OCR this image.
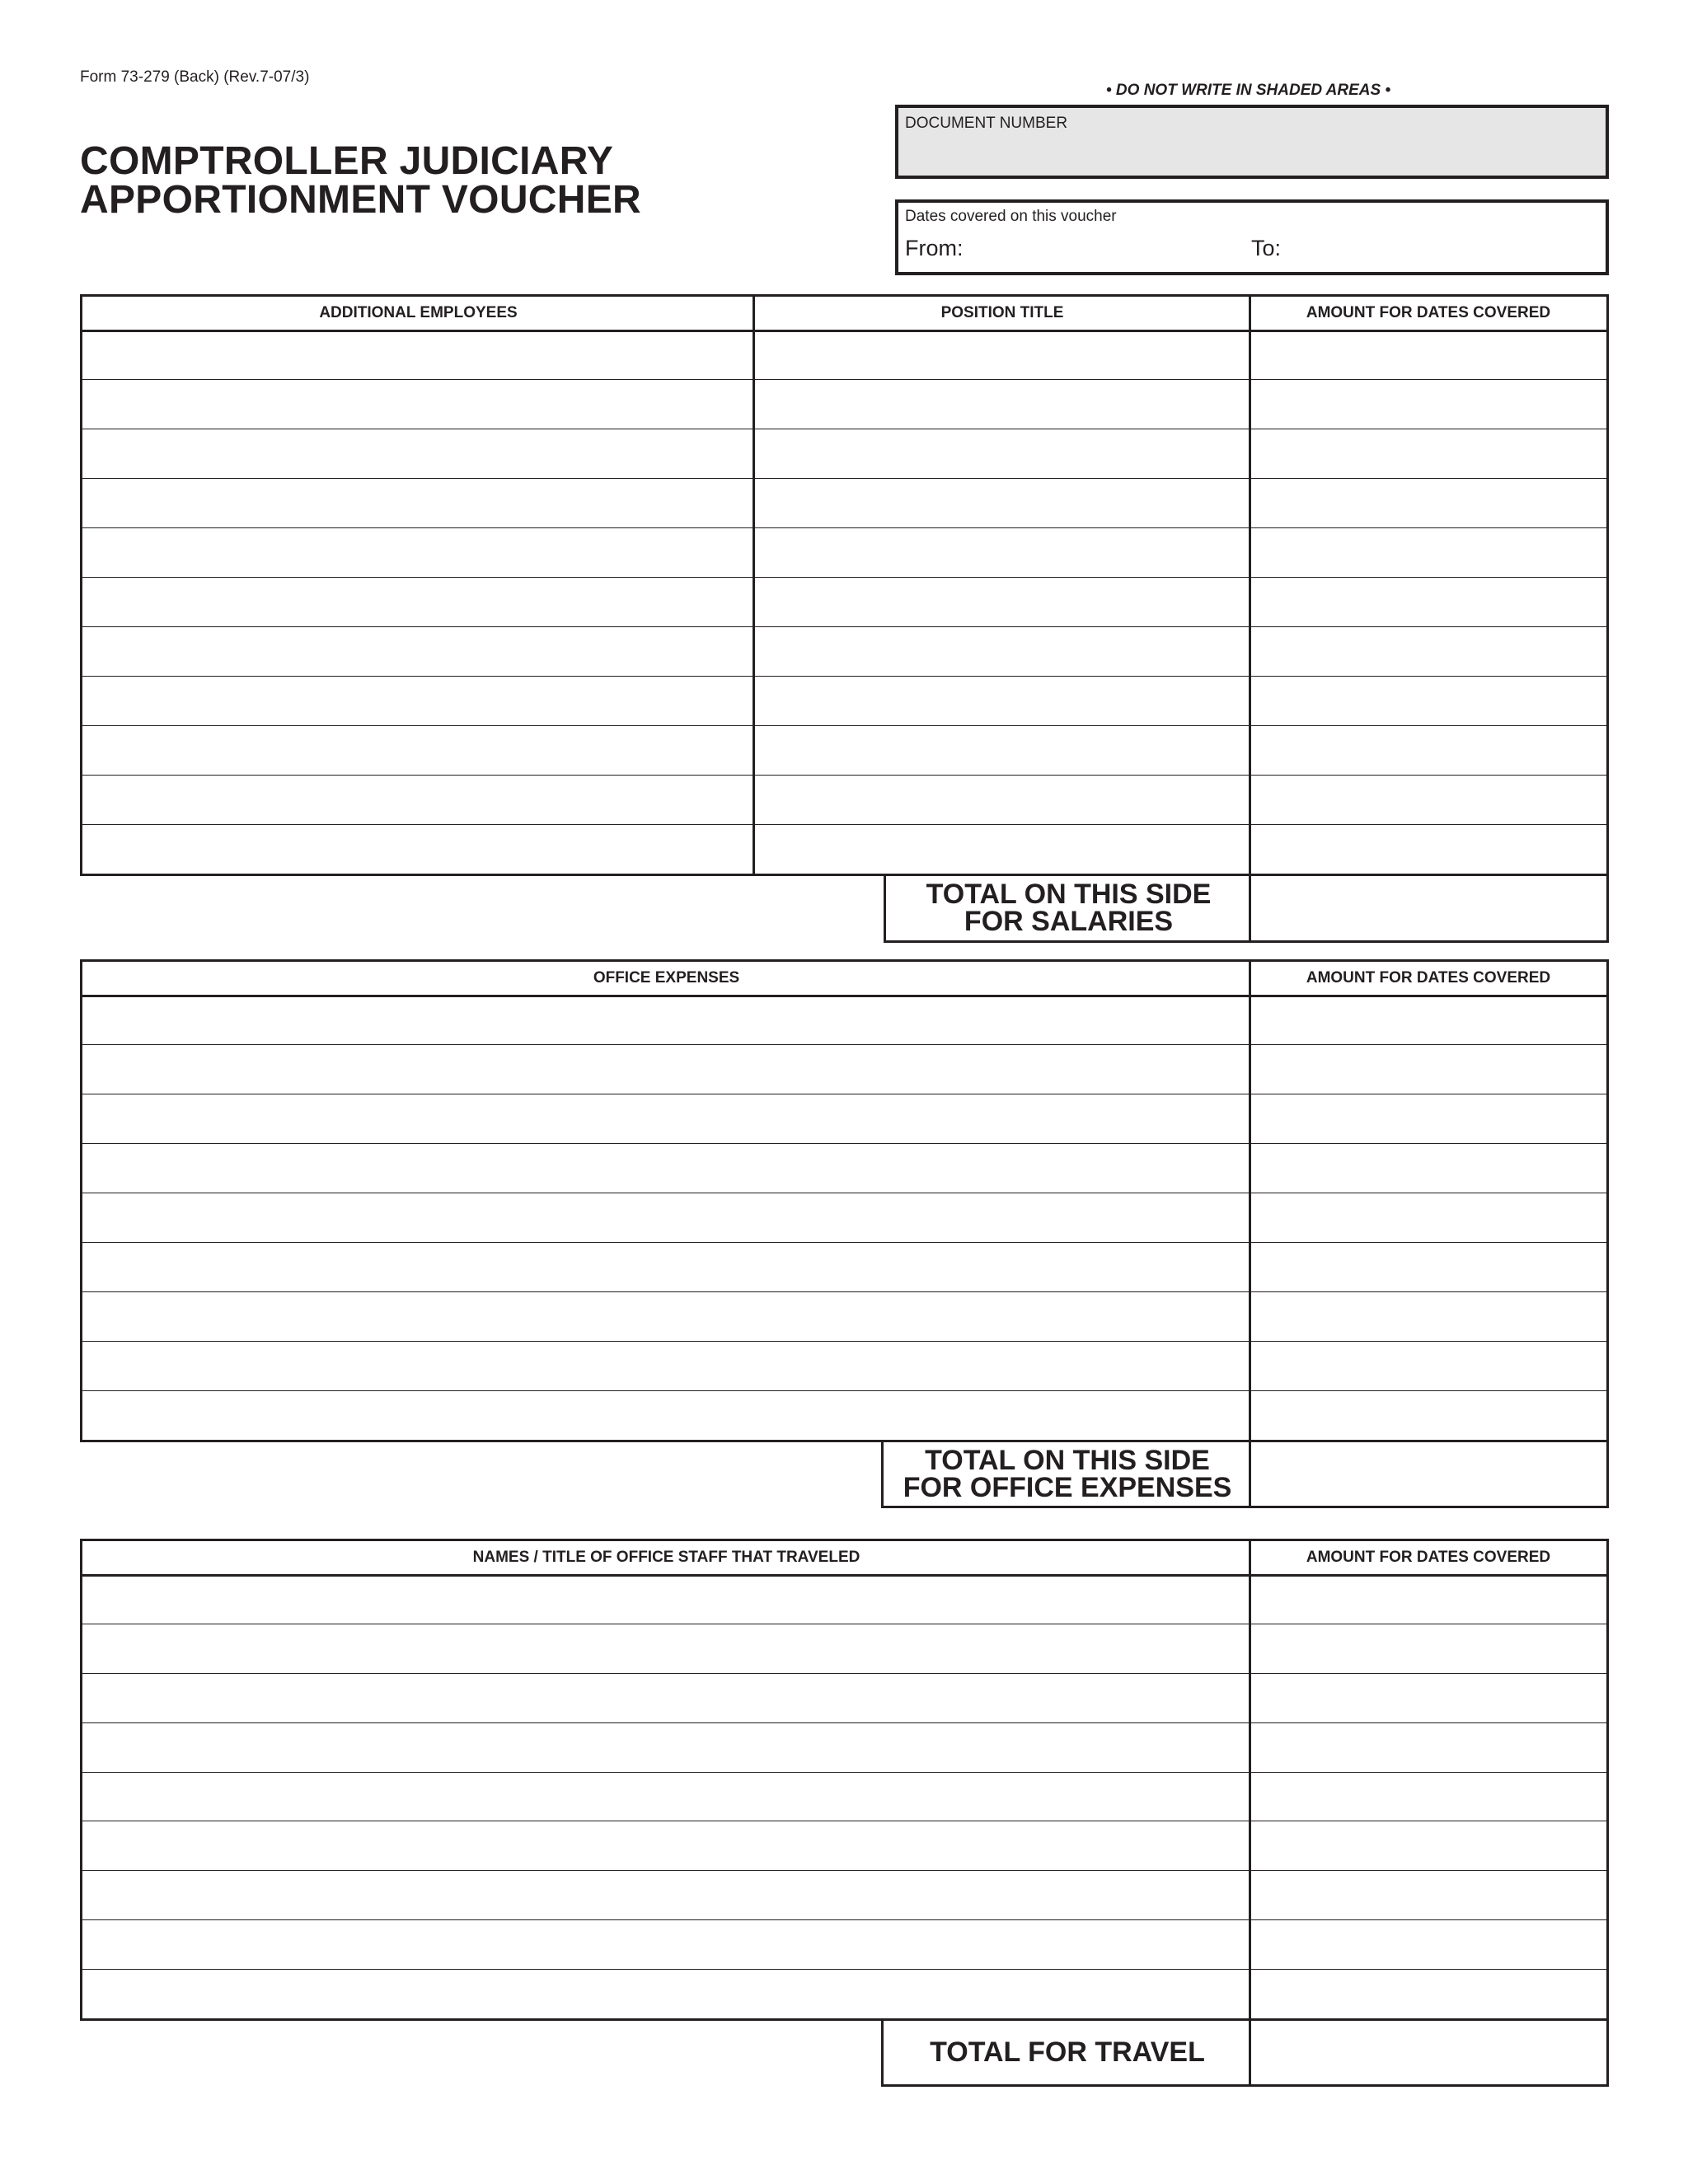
Form 73-279 (Back) (Rev.7-07/3)
• DO NOT WRITE IN SHADED AREAS •
COMPTROLLER JUDICIARY
APPORTIONMENT VOUCHER
DOCUMENT NUMBER
Dates covered on this voucher
From:	To:
ADDITIONAL EMPLOYEES	POSITION TITLE	AMOUNT FOR DATES COVERED
TOTAL ON THIS SIDE
FOR SALARIES
OFFICE EXPENSES	AMOUNT FOR DATES COVERED
TOTAL ON THIS SIDE
FOR OFFICE EXPENSES
NAMES / TITLE OF OFFICE STAFF THAT TRAVELED	AMOUNT FOR DATES COVERED
TOTAL FOR TRAVEL
